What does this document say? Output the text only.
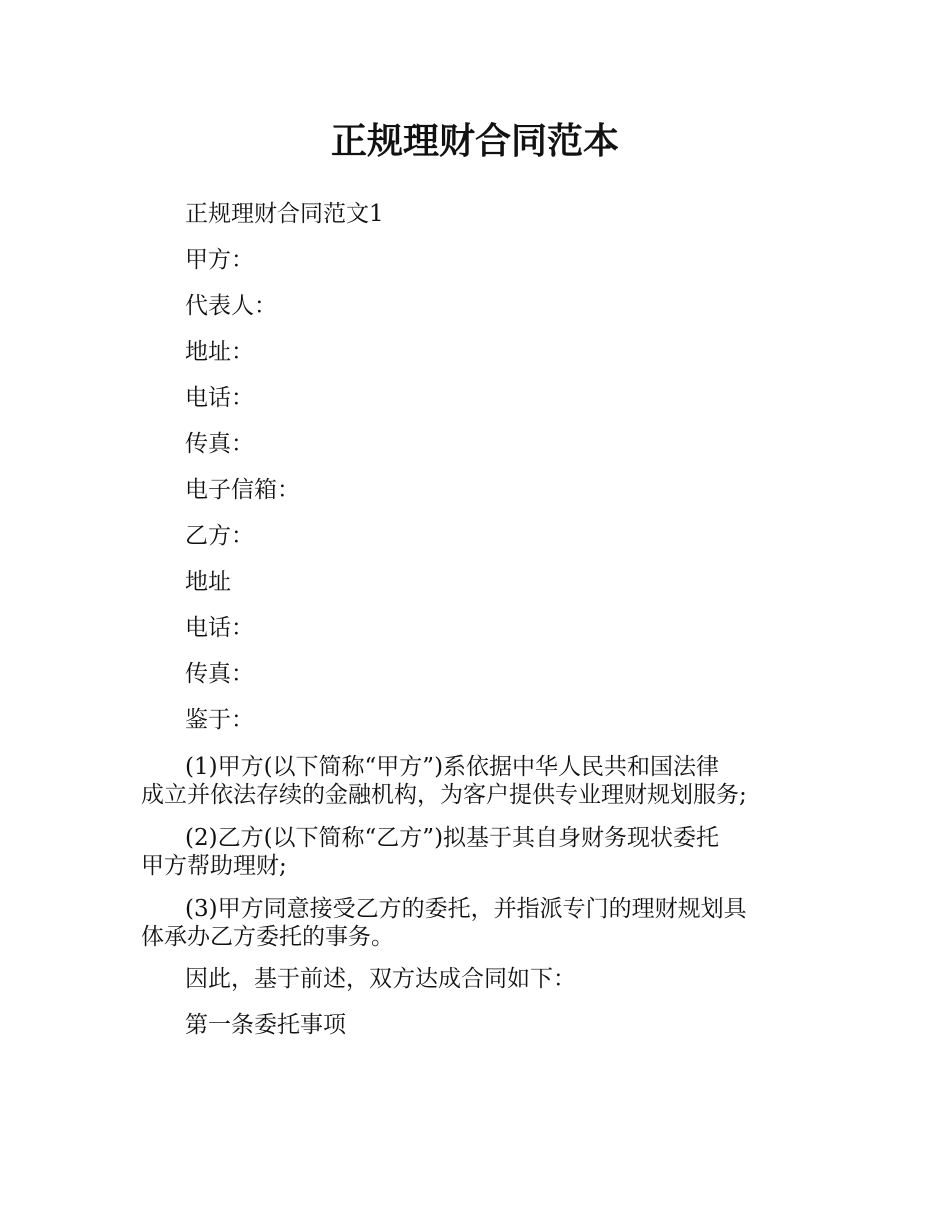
正规理财合同范本
正规理财合同范文1
甲方：
代表人：
地址：
电话：
传真：
电子信箱：
乙方：
地址
电话：
传真：
鉴于：
(1)甲方(以下简称“甲方”)系依据中华人民共和国法律
成立并依法存续的金融机构，为客户提供专业理财规划服务;
(2)乙方(以下简称“乙方”)拟基于其自身财务现状委托
甲方帮助理财;
(3)甲方同意接受乙方的委托，并指派专门的理财规划具
体承办乙方委托的事务。
因此，基于前述，双方达成合同如下：
第一条委托事项
